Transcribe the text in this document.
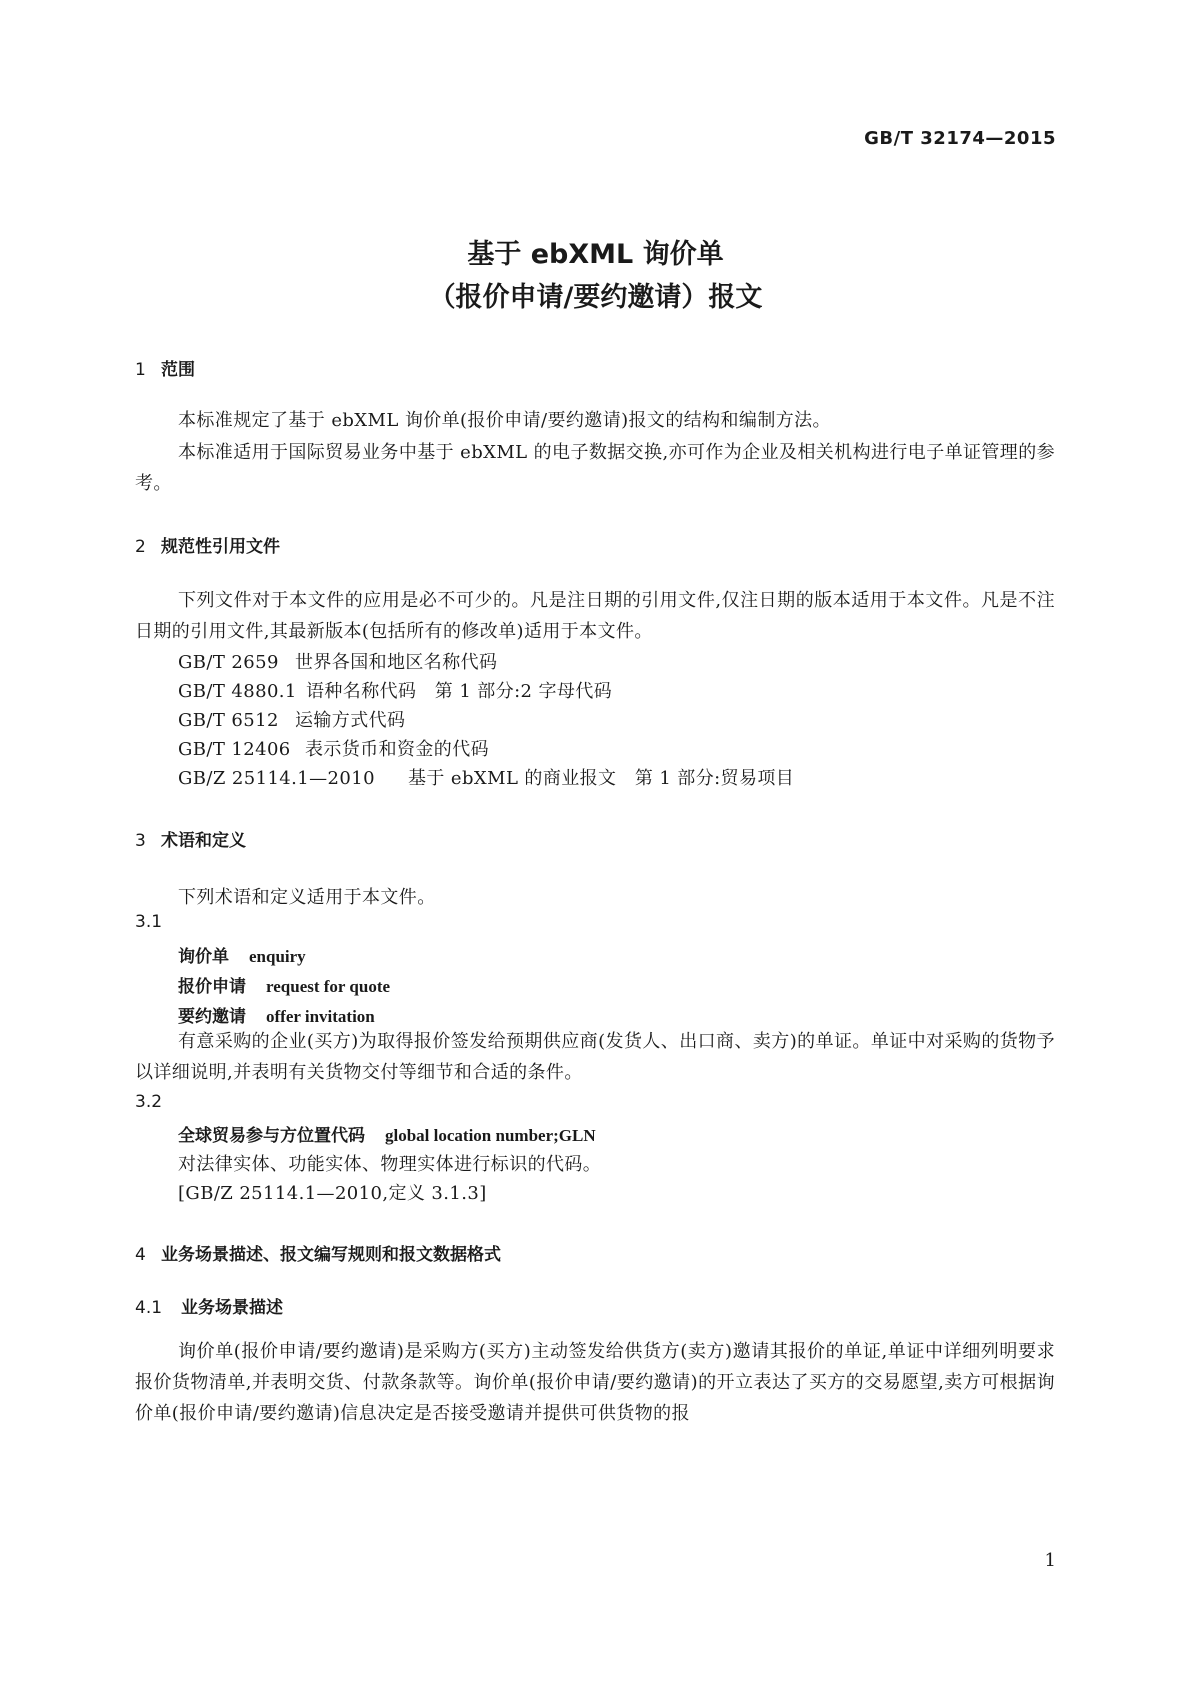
GB/T 32174—2015
基于 ebXML 询价单
（报价申请/要约邀请）报文
1 范围
本标准规定了基于 ebXML 询价单(报价申请/要约邀请)报文的结构和编制方法。
本标准适用于国际贸易业务中基于 ebXML 的电子数据交换,亦可作为企业及相关机构进行电子单证管理的参考。
2 规范性引用文件
下列文件对于本文件的应用是必不可少的。凡是注日期的引用文件,仅注日期的版本适用于本文件。凡是不注日期的引用文件,其最新版本(包括所有的修改单)适用于本文件。
GB/T 2659 世界各国和地区名称代码
GB/T 4880.1 语种名称代码　第 1 部分:2 字母代码
GB/T 6512 运输方式代码
GB/T 12406 表示货币和资金的代码
GB/Z 25114.1—2010 基于 ebXML 的商业报文　第 1 部分:贸易项目
3 术语和定义
下列术语和定义适用于本文件。
3.1
询价单 enquiry
报价申请 request for quote
要约邀请 offer invitation
有意采购的企业(买方)为取得报价签发给预期供应商(发货人、出口商、卖方)的单证。单证中对采购的货物予以详细说明,并表明有关货物交付等细节和合适的条件。
3.2
全球贸易参与方位置代码 global location number;GLN
对法律实体、功能实体、物理实体进行标识的代码。
[GB/Z 25114.1—2010,定义 3.1.3]
4 业务场景描述、报文编写规则和报文数据格式
4.1 业务场景描述
询价单(报价申请/要约邀请)是采购方(买方)主动签发给供货方(卖方)邀请其报价的单证,单证中详细列明要求报价货物清单,并表明交货、付款条款等。询价单(报价申请/要约邀请)的开立表达了买方的交易愿望,卖方可根据询价单(报价申请/要约邀请)信息决定是否接受邀请并提供可供货物的报
1
